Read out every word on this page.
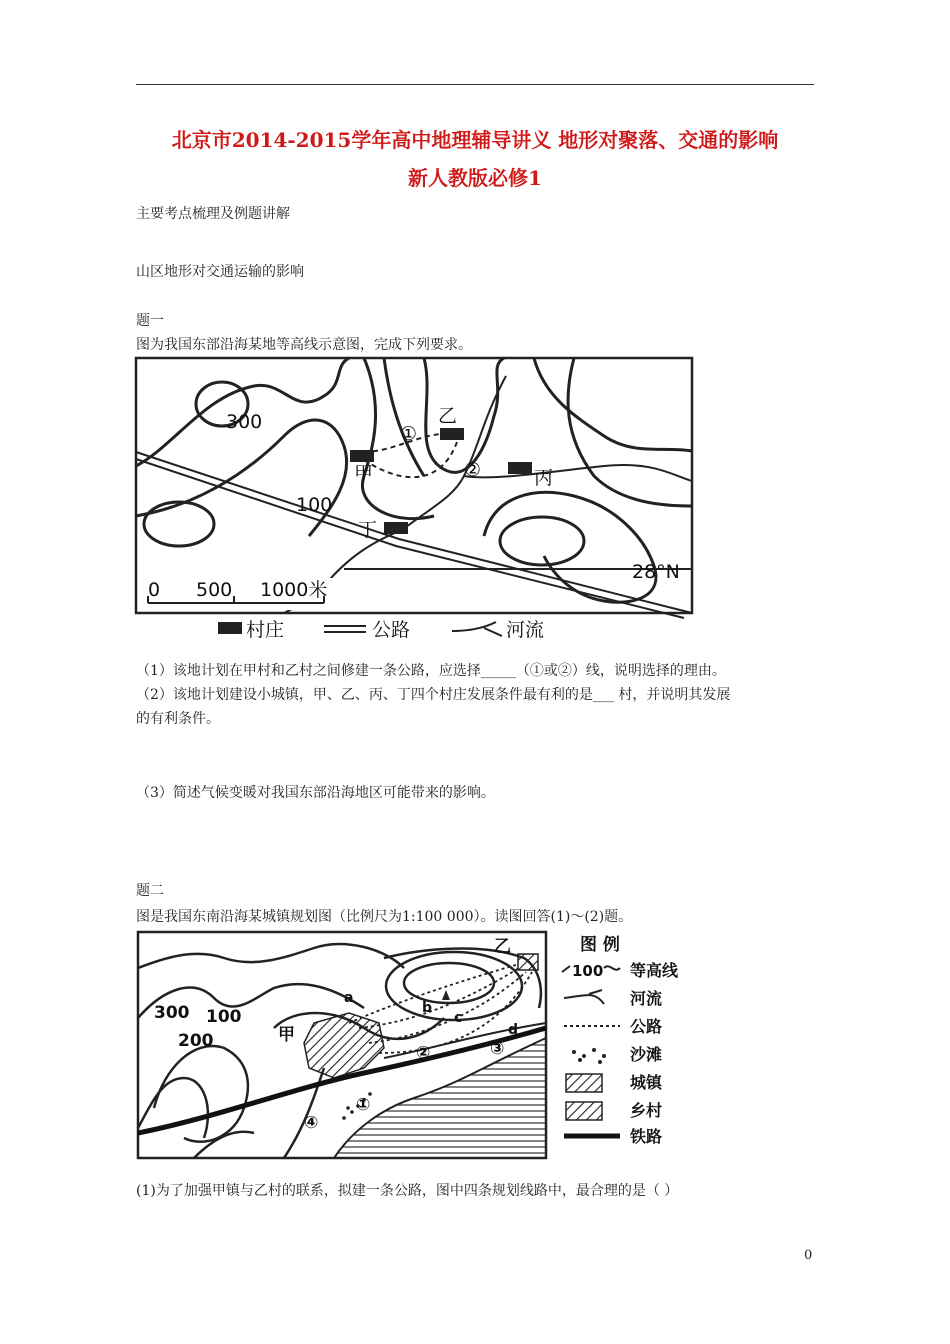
北京市2014-2015学年高中地理辅导讲义 地形对聚落、交通的影响
新人教版必修1
主要考点梳理及例题讲解
山区地形对交通运输的影响
题一
图为我国东部沿海某地等高线示意图，完成下列要求。
300
100
28°N
①
②
甲
乙
丙
丁
0 500 1000米
村庄	公路	河流
（1）该地计划在甲村和乙村之间修建一条公路，应选择_____（①或②）线，说明选择的理由。
（2）该地计划建设小城镇，甲、乙、丙、丁四个村庄发展条件最有利的是___ 村，并说明其发展
的有利条件。
（3）简述气候变暖对我国东部沿海地区可能带来的影响。
题二
图是我国东南沿海某城镇规划图（比例尺为1:100 000）。读图回答(1)～(2)题。
300
200
100
甲
乙
a
b
c
d
①
②	③
④
图 例
100 等高线
河流
公路
沙滩
城镇
乡村
铁路
(1)为了加强甲镇与乙村的联系，拟建一条公路，图中四条规划线路中，最合理的是（ ）
0
